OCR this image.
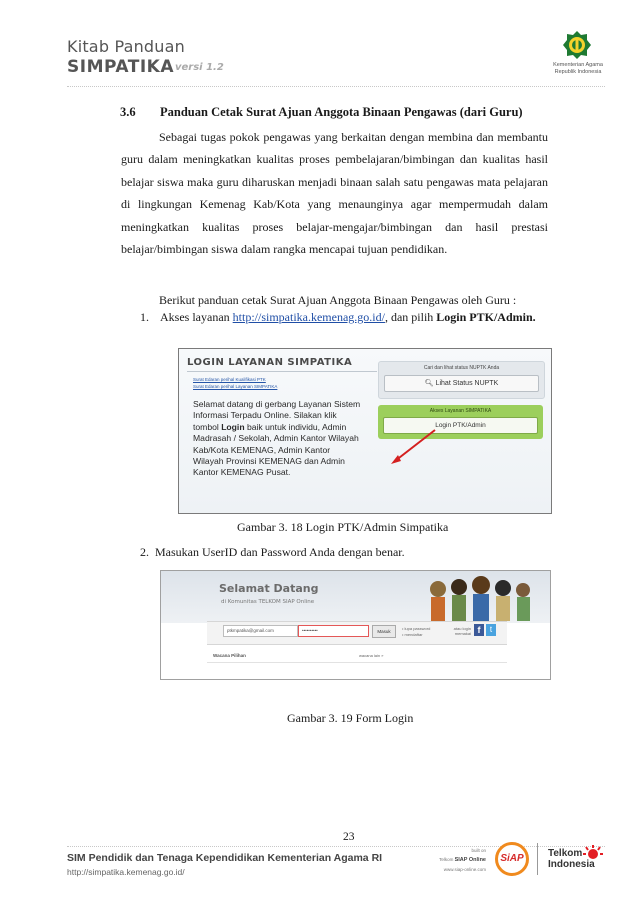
Kitab Panduan
SIMPATIKA versi 1.2	Kementerian Agama
Republik Indonesia
3.6 Panduan Cetak Surat Ajuan Anggota Binaan Pengawas (dari Guru)

Sebagai tugas pokok pengawas yang berkaitan dengan membina dan membantu guru dalam meningkatkan kualitas proses pembelajaran/bimbingan dan kualitas hasil belajar siswa maka guru diharuskan menjadi binaan salah satu pengawas mata pelajaran di lingkungan Kemenag Kab/Kota yang menaunginya agar mempermudah dalam meningkatkan kualitas proses belajar-mengajar/bimbingan dan hasil prestasi belajar/bimbingan siswa dalam rangka mencapai tujuan pendidikan.

Berikut panduan cetak Surat Ajuan Anggota Binaan Pengawas oleh Guru :
1. Akses layanan http://simpatika.kemenag.go.id/, dan pilih Login PTK/Admin.
LOGIN LAYANAN SIMPATIKA
Surat Edaran perihal Kualifikasi PTK
Surat Edaran perihal Layanan SIMPATIKA
Selamat datang di gerbang Layanan Sistem Informasi Terpadu Online. Silakan klik tombol Login baik untuk individu, Admin Madrasah / Sekolah, Admin Kantor Wilayah Kab/Kota KEMENAG, Admin Kantor Wilayah Provinsi KEMENAG dan Admin Kantor KEMENAG Pusat.
Cari dan lihat status NUPTK Anda
🔍︎ Lihat Status NUPTK
Akses Layanan SIMPATIKA
Login PTK/Admin
Gambar 3. 18 Login PTK/Admin Simpatika
2. Masukan UserID dan Password Anda dengan benar.
Selamat Datang
di Komunitas TELKOM SIAP Online
ptkmpatika@gmail.com	••••••••••	Masuk
• lupa password
• mendaftar
atau login memakai f	t
Wacana Pilihan	wacana lain »
Gambar 3. 19 Form Login
23
SIM Pendidik dan Tenaga Kependidikan Kementerian Agama RI
http://simpatika.kemenag.go.id/
built on
Telkom SIAP Online
www.siap-online.com
SiAP	Telkom
Indonesia
